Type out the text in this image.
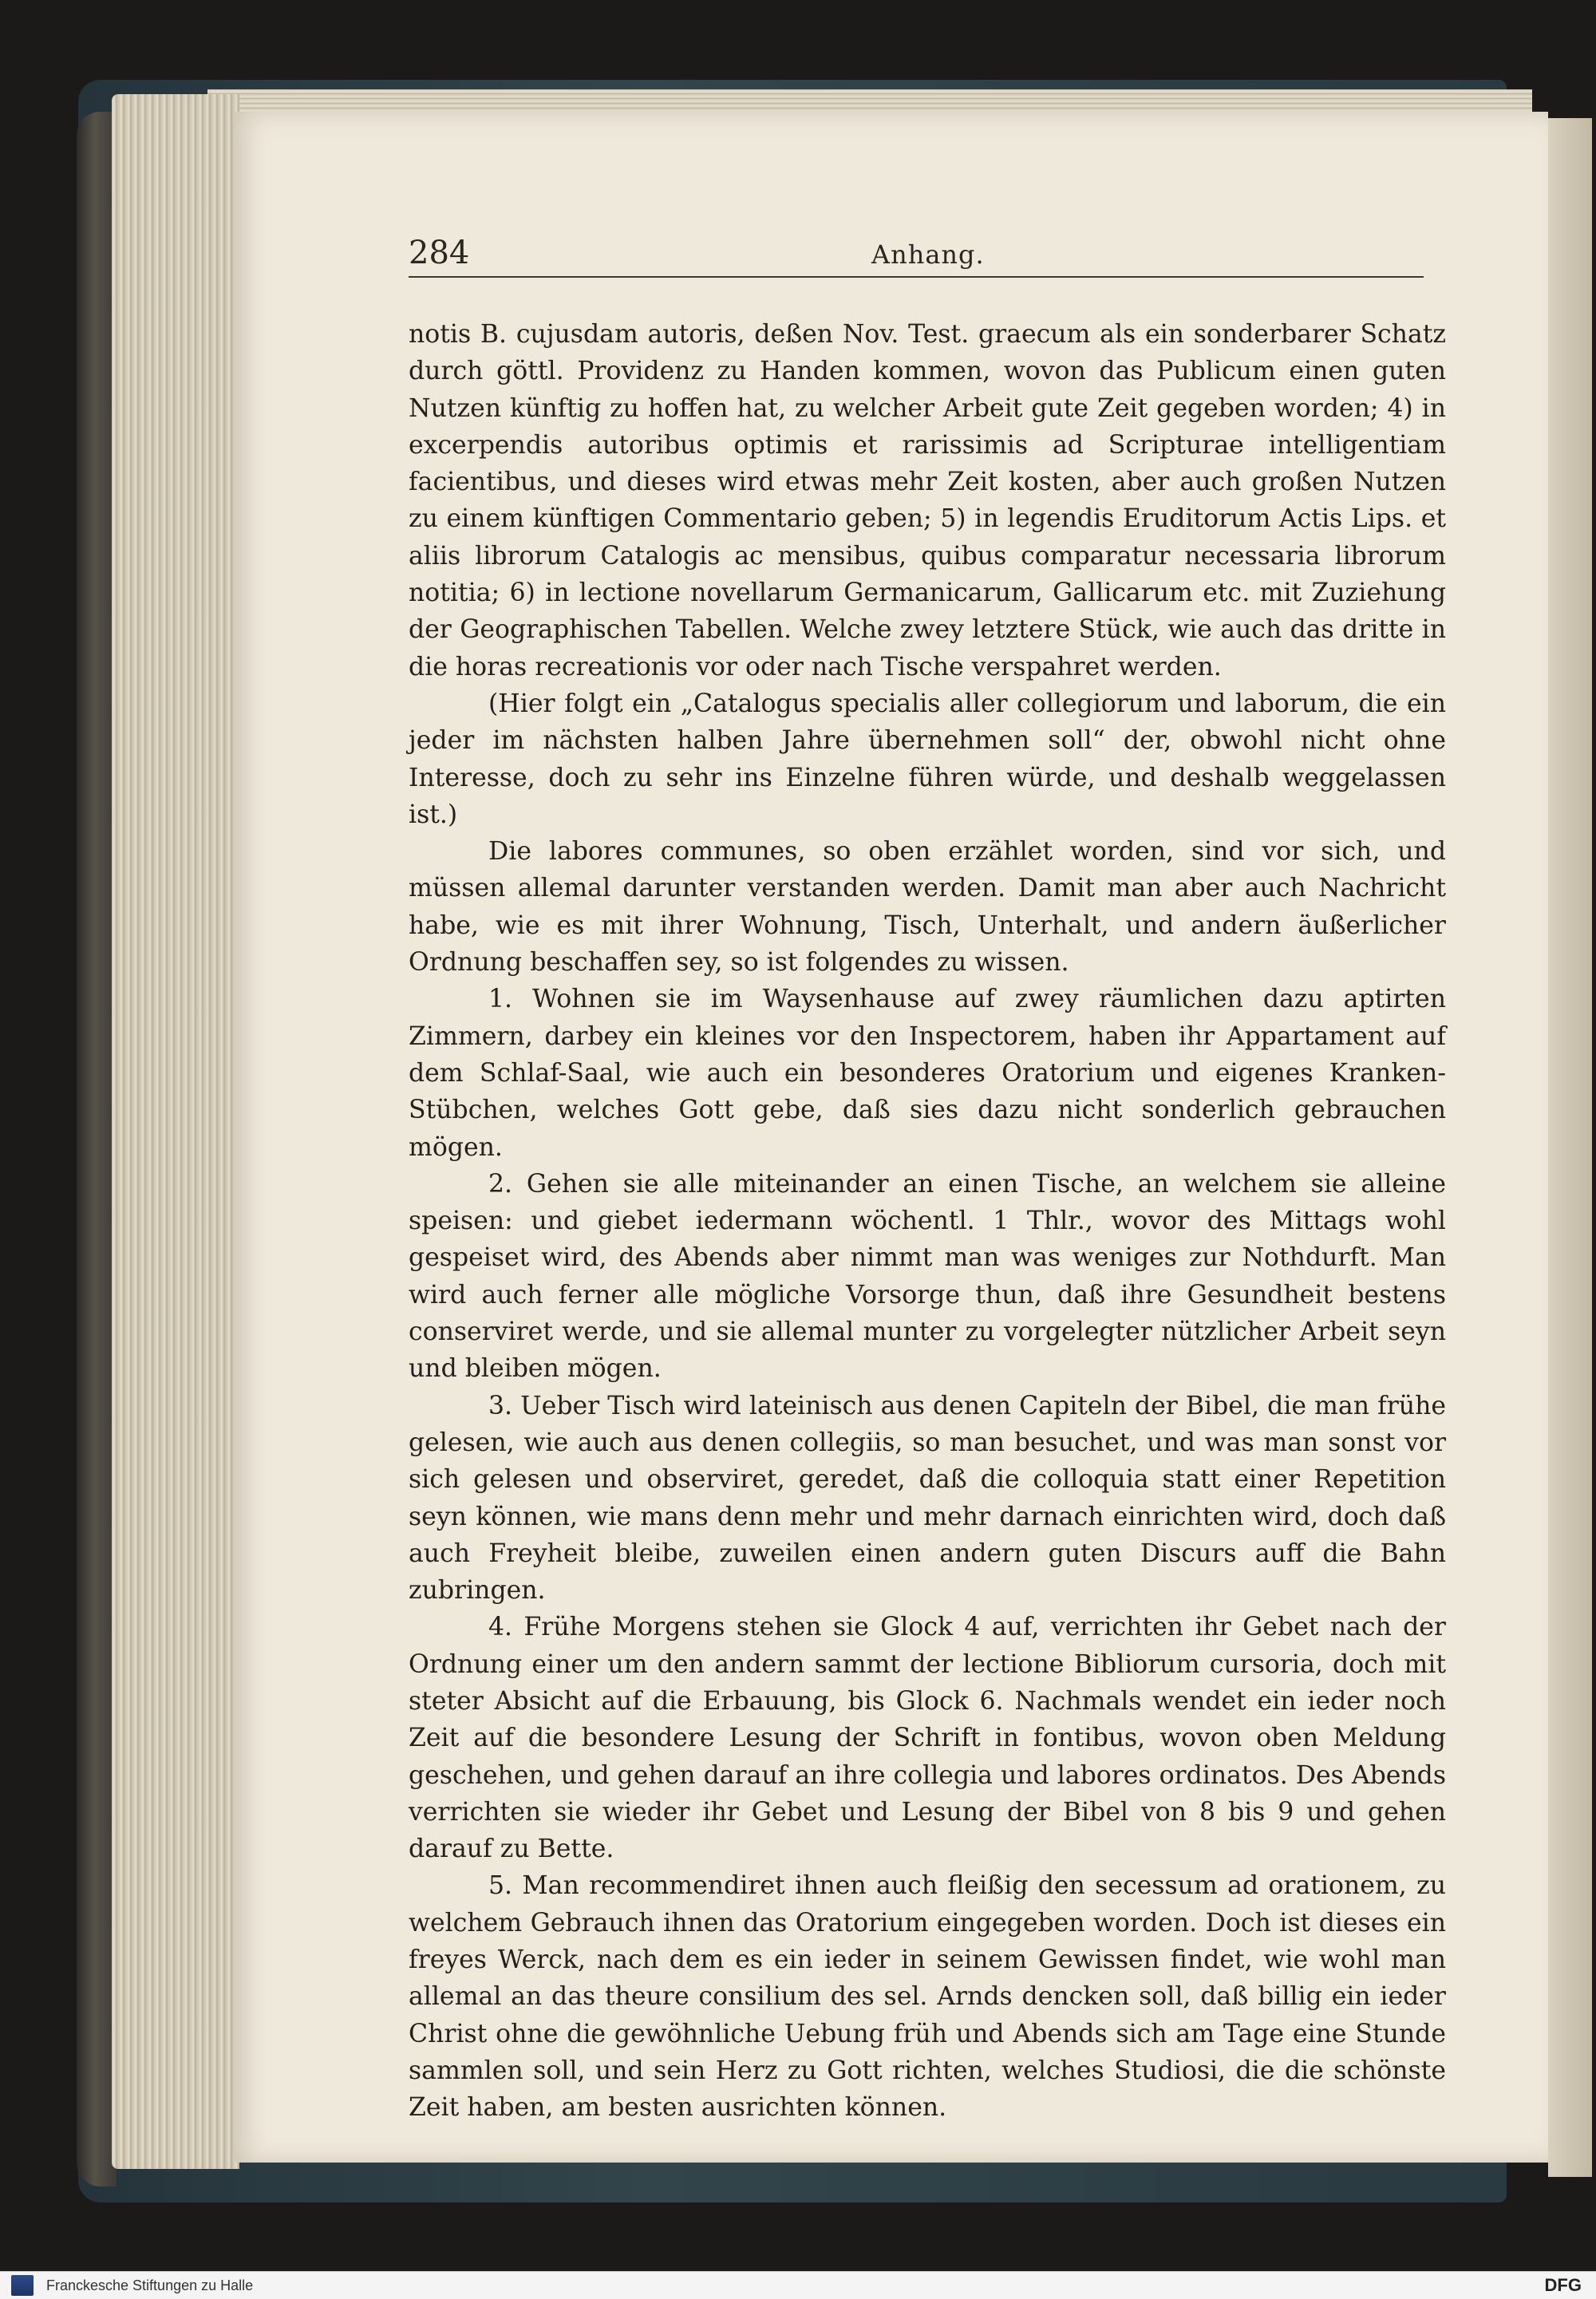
284	Anhang.

notis B. cujusdam autoris, deßen Nov. Test. graecum als ein sonderbarer Schatz durch göttl. Providenz zu Handen kommen, wovon das Publicum einen guten Nutzen künftig zu hoffen hat, zu welcher Arbeit gute Zeit gegeben worden; 4) in excerpendis autoribus optimis et rarissimis ad Scripturae intelligentiam facientibus, und dieses wird etwas mehr Zeit kosten, aber auch großen Nutzen zu einem künftigen Commentario geben; 5) in legendis Eruditorum Actis Lips. et aliis librorum Catalogis ac mensibus, quibus comparatur necessaria librorum notitia; 6) in lectione novellarum Germanicarum, Gallicarum etc. mit Zuziehung der Geographischen Tabellen. Welche zwey letztere Stück, wie auch das dritte in die horas recreationis vor oder nach Tische verspahret werden.

(Hier folgt ein „Catalogus specialis aller collegiorum und laborum, die ein jeder im nächsten halben Jahre übernehmen soll“ der, obwohl nicht ohne Interesse, doch zu sehr ins Einzelne führen würde, und deshalb weggelassen ist.)

Die labores communes, so oben erzählet worden, sind vor sich, und müssen allemal darunter verstanden werden. Damit man aber auch Nachricht habe, wie es mit ihrer Wohnung, Tisch, Unterhalt, und andern äußerlicher Ordnung beschaffen sey, so ist folgendes zu wissen.

1. Wohnen sie im Waysenhause auf zwey räumlichen dazu aptirten Zimmern, darbey ein kleines vor den Inspectorem, haben ihr Appartament auf dem Schlaf-Saal, wie auch ein besonderes Oratorium und eigenes Kranken-Stübchen, welches Gott gebe, daß sies dazu nicht sonderlich gebrauchen mögen.

2. Gehen sie alle miteinander an einen Tische, an welchem sie alleine speisen: und giebet iedermann wöchentl. 1 Thlr., wovor des Mittags wohl gespeiset wird, des Abends aber nimmt man was weniges zur Nothdurft. Man wird auch ferner alle mögliche Vorsorge thun, daß ihre Gesundheit bestens conserviret werde, und sie allemal munter zu vorgelegter nützlicher Arbeit seyn und bleiben mögen.

3. Ueber Tisch wird lateinisch aus denen Capiteln der Bibel, die man frühe gelesen, wie auch aus denen collegiis, so man besuchet, und was man sonst vor sich gelesen und observiret, geredet, daß die colloquia statt einer Repetition seyn können, wie mans denn mehr und mehr darnach einrichten wird, doch daß auch Freyheit bleibe, zuweilen einen andern guten Discurs auff die Bahn zubringen.

4. Frühe Morgens stehen sie Glock 4 auf, verrichten ihr Gebet nach der Ordnung einer um den andern sammt der lectione Bibliorum cursoria, doch mit steter Absicht auf die Erbauung, bis Glock 6. Nachmals wendet ein ieder noch Zeit auf die besondere Lesung der Schrift in fontibus, wovon oben Meldung geschehen, und gehen darauf an ihre collegia und labores ordinatos. Des Abends verrichten sie wieder ihr Gebet und Lesung der Bibel von 8 bis 9 und gehen darauf zu Bette.

5. Man recommendiret ihnen auch fleißig den secessum ad orationem, zu welchem Gebrauch ihnen das Oratorium eingegeben worden. Doch ist dieses ein freyes Werck, nach dem es ein ieder in seinem Gewissen findet, wie wohl man allemal an das theure consilium des sel. Arnds dencken soll, daß billig ein ieder Christ ohne die gewöhnliche Uebung früh und Abends sich am Tage eine Stunde sammlen soll, und sein Herz zu Gott richten, welches Studiosi, die die schönste Zeit haben, am besten ausrichten können.

Franckesche Stiftungen zu Halle	DFG
